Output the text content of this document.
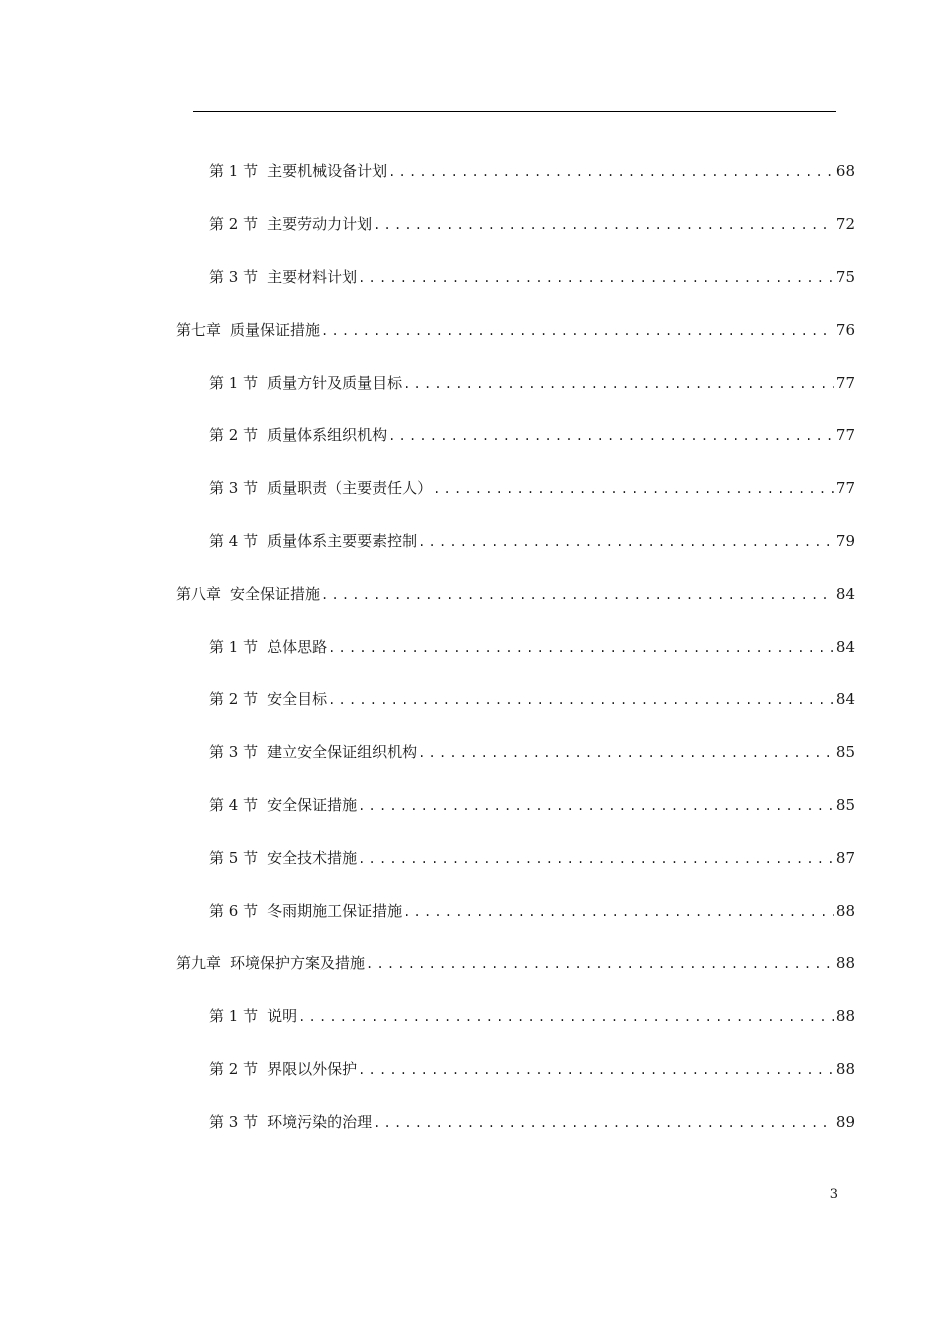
第 1 节 主要机械设备计划 .....	68
第 2 节 主要劳动力计划 .....	72
第 3 节 主要材料计划 .....	75
第七章 质量保证措施 .....	76
第 1 节 质量方针及质量目标 .....	77
第 2 节 质量体系组织机构 .....	77
第 3 节 质量职责（主要责任人） .....	77
第 4 节 质量体系主要要素控制 .....	79
第八章 安全保证措施 .....	84
第 1 节 总体思路 .....	84
第 2 节 安全目标 .....	84
第 3 节 建立安全保证组织机构 .....	85
第 4 节 安全保证措施 .....	85
第 5 节 安全技术措施 .....	87
第 6 节 冬雨期施工保证措施 .....	88
第九章 环境保护方案及措施 .....	88
第 1 节 说明 .....	88
第 2 节 界限以外保护 .....	88
第 3 节 环境污染的治理 .....	89
3
